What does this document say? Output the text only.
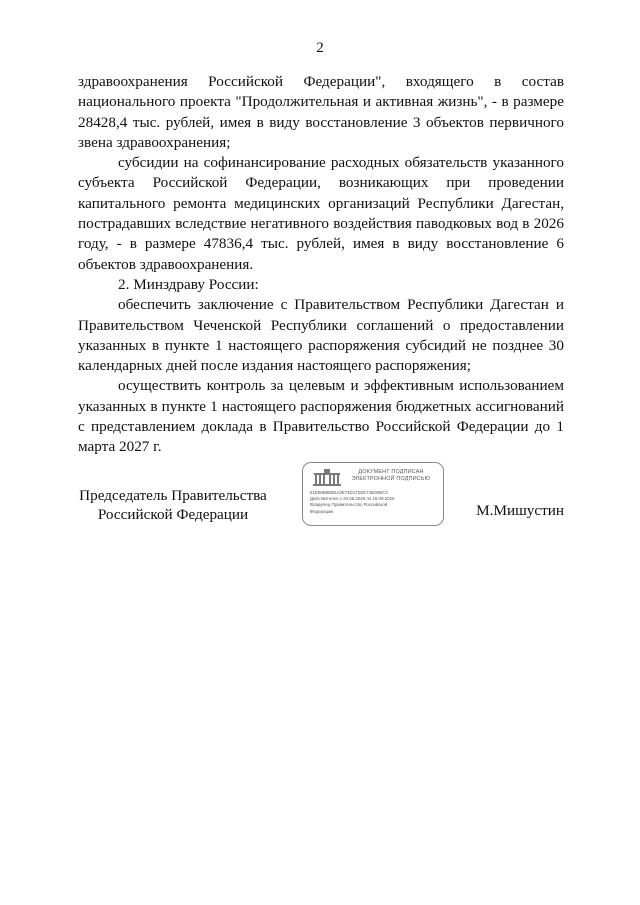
2

здравоохранения Российской Федерации", входящего в состав национального проекта "Продолжительная и активная жизнь", - в размере 28428,4 тыс. рублей, имея в виду восстановление 3 объектов первичного звена здравоохранения;

субсидии на софинансирование расходных обязательств указанного субъекта Российской Федерации, возникающих при проведении капитального ремонта медицинских организаций Республики Дагестан, пострадавших вследствие негативного воздействия паводковых вод в 2026 году, - в размере 47836,4 тыс. рублей, имея в виду восстановление 6 объектов здравоохранения.

2. Минздраву России:

обеспечить заключение с Правительством Республики Дагестан и Правительством Чеченской Республики соглашений о предоставлении указанных в пункте 1 настоящего распоряжения субсидий не позднее 30 календарных дней после издания настоящего распоряжения;

осуществить контроль за целевым и эффективным использованием указанных в пункте 1 настоящего распоряжения бюджетных ассигнований с представлением доклада в Правительство Российской Федерации до 1 марта 2027 г.

Председатель Правительства
Российской Федерации
ДОКУМЕНТ ПОДПИСАН
ЭЛЕКТРОННОЙ ПОДПИСЬЮ
51E08B8EB0A3E74D17D2E746D0BC3
Действителен с 20.06.2025 по 19.09.2026
Владелец Правительство Российской
Федерации	М.Мишустин
